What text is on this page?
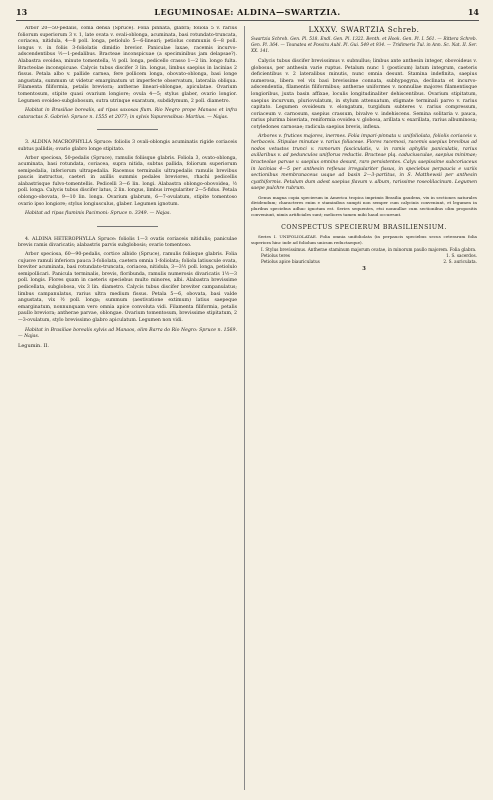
13	LEGUMINOSAE: ALDINA—SWARTZIA.	14

Arbor 20—50-pedalis, coma densa (Spruce). Folia pinnata, glabra; foliola 5 v. rarius foliorum superiorum 3 v. 1, late ovata v. ovali-oblonga, acuminata, basi rotundato-truncata, coriacea, nitidula, 4—8 poll. longa, petiolulo 5—6-lineari; petiolus communis 6—8 poll. longus v. in foliis 3-foliolatis dimidio brevior. Paniculae laxae, racemis incurvo-adscendentibus ½—1-pedalibus. Bracteae inconspicuae (a speciminibus jam delapsae?). Alabastra ovoidea, minute tomentella, ½ poll. longa, pedicello crasso 1—2 lin. longo fulta. Bracteolae inconspicuae. Calycis tubus discifer 3 lin. longus, limbus saepius in lacinias 2 fissus. Petala albo v. pallide carnea, fere pollicem longa, obovato-oblonga, basi longe angustata, summum ut videtur emarginatum ut imperfecte observatum, lateralia obliqua. Filamenta filiformia, petalis breviora; antherae lineari-oblongae, apiculatae. Ovarium tomentosum, stipite quasi ovarium longiore; ovula 4—5; stylus glaber, ovario longior. Legumen ovoideo-subglobosum, sutra utrinque exaratum, subdidymum, 2 poll. diametro.

Habitat in Brasiliae borealis, ad ripas saxosas flum. Rio Negro prope Manaos et infra cataractas S. Gabriel: Spruce n. 1555 et 2077; in sylvis Yapurensibus: Martius. — Najas.

3. ALDINA MACROPHYLLA Spruce: foliolis 3 ovali-oblongis acuminatis rigide coriaceis subtus pallidis; ovario glabro longe stipitato.

Arbor speciosa, 50-pedalis (Spruce), ramulis foliisque glabris. Foliola 3, ovato-oblonga, acuminata, basi rotundata, coriacea, supra nitida, subtus pallida, foliorum superiorum semipedalia, inferiorum ultrapedalia. Racemus terminalis ultrapedalis ramulis brevibus paucis instructus, caeteri in axillis summis pedales breviores, rhachi pedicellis alabastrisque fulvo-tomentellis. Pedicelli 3—6 lin. longi. Alabastra oblongo-obovoidea, ½ poll. longa. Calycis tubus discifer latus, 2 lin. longus, limbus irregulariter 2—5-fidus. Petala oblongo-obovata, 9—10 lin. longa. Ovarium glabrum, 6—7-ovulatum, stipite tomentoso ovario ipso longiore; stylus longiusculus, glaber. Legumen ignotum.

Habitat ad ripas fluminis Pacimoni: Spruce n. 3349. — Najas.

4. ALDINA HETEROPHYLLA Spruce: foliolis 1—3 ovatis coriaceis nitidulis; paniculae brevis ramis divaricatis; alabastris parvis subglobosis; ovario tomentoso.

Arbor speciosa, 60—90-pedalis, cortice albido (Spruce), ramulis foliisque glabris. Folia cujusve ramuli inferiora pauca 3-foliolata, caetera omnia 1-foliolata; foliola latiuscule ovata, breviter acuminata, basi rotundato-truncata, coriacea, nitidula, 3—3½ poll. longa, petiolulo semipollicari. Panicula terminalis, brevis, floribunda, ramulis numerosis divaricatis 1½—3 poll. longis. Flores quam in caeteris speciebus multo minores, albi. Alabastra brevissime pedicellata, subglobosa, vix 3 lin. diametro. Calycis tubus discifer breviter campanulatus; limbus campanulatus, rarius ultra medium fissus. Petala 5—6, obovata, basi valde angustata, vix ½ poll. longa; summum (aestivatione extimum) latius saepeque emarginatum, nonnunquam vero omnia apice convoluta vidi. Filamenta filiformia, petalis paullo breviora; antherae parvae, oblongae. Ovarium tomentosum, brevissime stipitatum, 2—3-ovulatum, stylo brevissimo glabro apiculatum. Legumen non vidi.

Habitat in Brasiliae borealis sylvis ad Manaos, olim Barra do Rio Negro: Spruce n. 1569. — Najas.

Legumin. II.
LXXXV. SWARTZIA Schreb.
Swartzia Schreb. Gen. Pl. 518. Endl. Gen. Pl. 1322. Benth. et Hook. Gen. Pl. I. 561. — Rittera Schreb. Gen. Pl. 364. — Tounatea et Possira Aubl. Pl. Gui. 549 et 934. — Tridimeris Tul. in Ann. Sc. Nat. II. Ser. XX. 141.

Calycis tubus discifer brevissimus v. subnullus; limbus ante anthesin integer, obovoideus v. globosus, per anthesin varie ruptus. Petalum nunc 1 (posticum) latum integrum, caeteris deficientibus v. 2 lateralibus minutis, nunc omnia desunt. Stamina indefinita, saepius numerosa, libera vel vix basi brevissime connata, subhypogyna, declinata et incurvo-adscendentia, filamentis filiformibus; antherae uniformes v. nonnullae majores filamentisque longioribus, juxta basin affixae, loculis longitudinaliter dehiscentibus. Ovarium stipitatum, saepius incurvum, pluriovulatum, in stylum attenuatum, stigmate terminali parvo v. rarius capitato. Legumen ovoideum v. elongatum, turgidum subteres v. rarius compressum, coriaceum v. carnosum, saepius crassum, bivalve v. indehiscens. Semina solitaria v. pauca, rarius plurima biseriata, reniformia ovoidea v. globosa, arillata v. exarillata, rarius albuminosa; cotyledones carnosae; radicula saepius brevis, inflexa.

Arbores v. frutices majores, inermes. Folia impari-pinnata v. unifoliolata, foliolis coriaceis v. herbaceis. Stipulae minutae v. rarius foliaceae. Flores racemosi, racemis saepius brevibus ad nodos vetustos trunci v. ramorum fasciculatis, v. in ramis aphyllis paniculatis, rarius axillaribus v. ad pedunculos uniflorus reductis. Bracteae plq. caduciusculae, saepius minimae; bracteolae parvae v. saepius omnino desunt, raro persistentes. Calyx saepissime subcoriaceus in lacinias 4—5 per anthesin reflexas irregulariter fissus, in speciebus perpaucis e variis sectionibus membranaceus usque ad basin 2—3-partitus, in S. Matthewsii per anthesin cyathiformis. Petalum dum adest saepius flavum v. album, rarissime roseolilacinum. Legumen saepe pulchre rubrum.

Genus magna copia specierum in America tropica imprimis Brasilia gaudens, vix in sectiones naturales dividendum; characteres enim e staminibus sumpti non semper cum calycinis conveniunt, et legumen in pluribus speciebus adhuc ignotum est. Series sequentes, etsi nonnullae cum sectionibus olim propositis conveniunt, nimis artificiales sunt; meliores tamen mihi haud occurrunt.

CONSPECTUS SPECIERUM BRASILIENSIUM.

Series I. UNIFOLIOLATAE. Folia omnia unifoliolata (in perpaucis speciebus secus ceterarum folia superiora hinc inde ad foliolum unicum reductaeque).

I. Stylus brevissimus. Antherae staminum majorum ovatae, in minorum paullo majorem. Folia glabra.
Petiolus teres	1. S. sacerdos.
Petiolus apice biauriculatus	2. S. auriculata.
3
